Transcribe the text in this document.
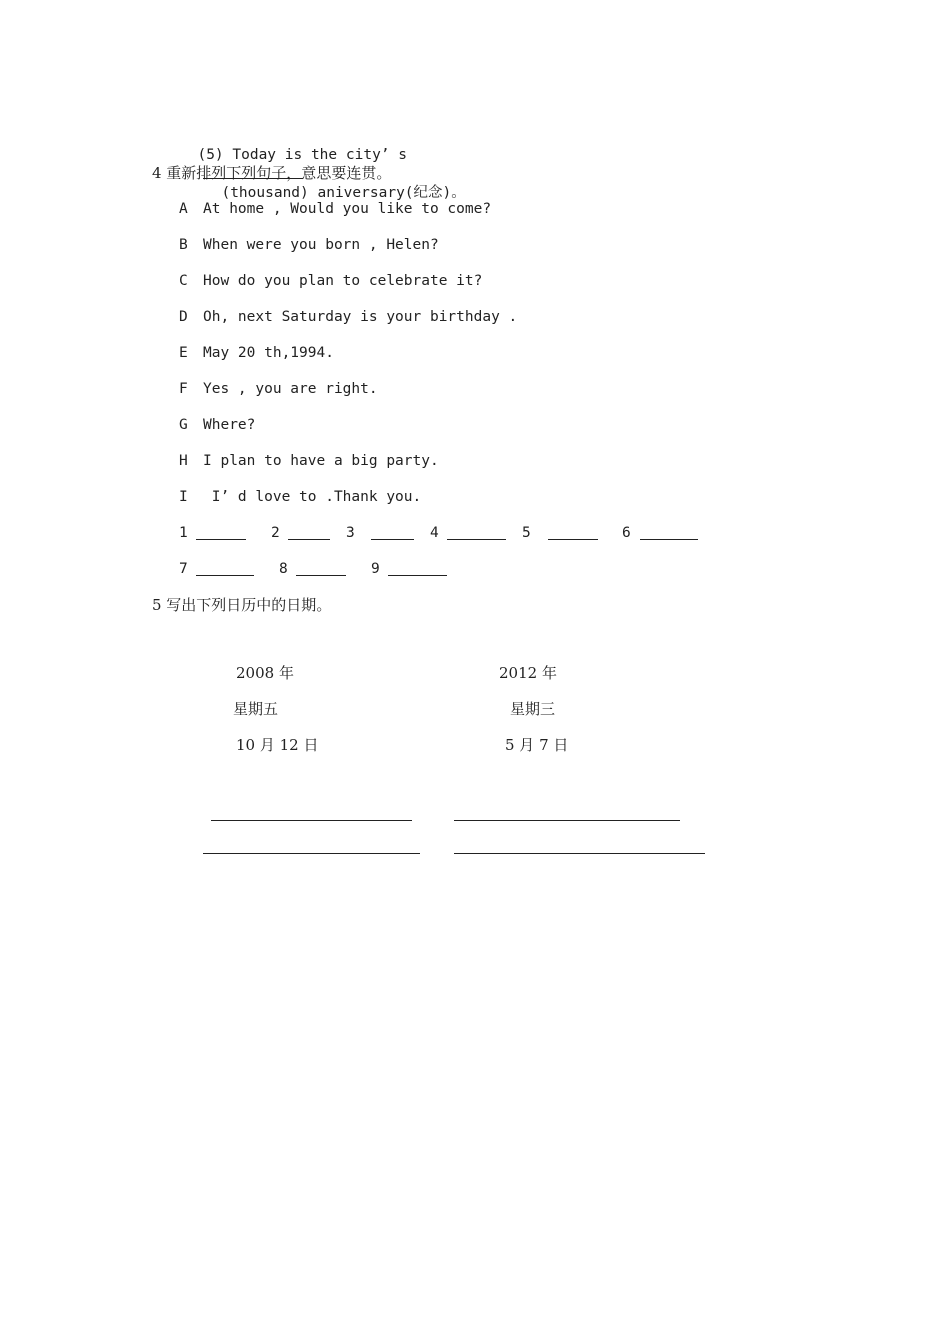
(5) Today is the city’ s

(thousand) aniversary(纪念)。

4 重新排列下列句子，意思要连贯。
A At home , Would you like to come?
B When were you born , Helen?
C How do you plan to celebrate it?
D Oh, next Saturday is your birthday .
E May 20 th,1994.
F Yes , you are right.
G Where?
H I plan to have a big party.
I I’ d love to .Thank you.
1	2	3	4	5	6
7	8	9
5 写出下列日历中的日期。
2008 年
星期五
10 月 12 日
2012 年
星期三
5 月 7 日
